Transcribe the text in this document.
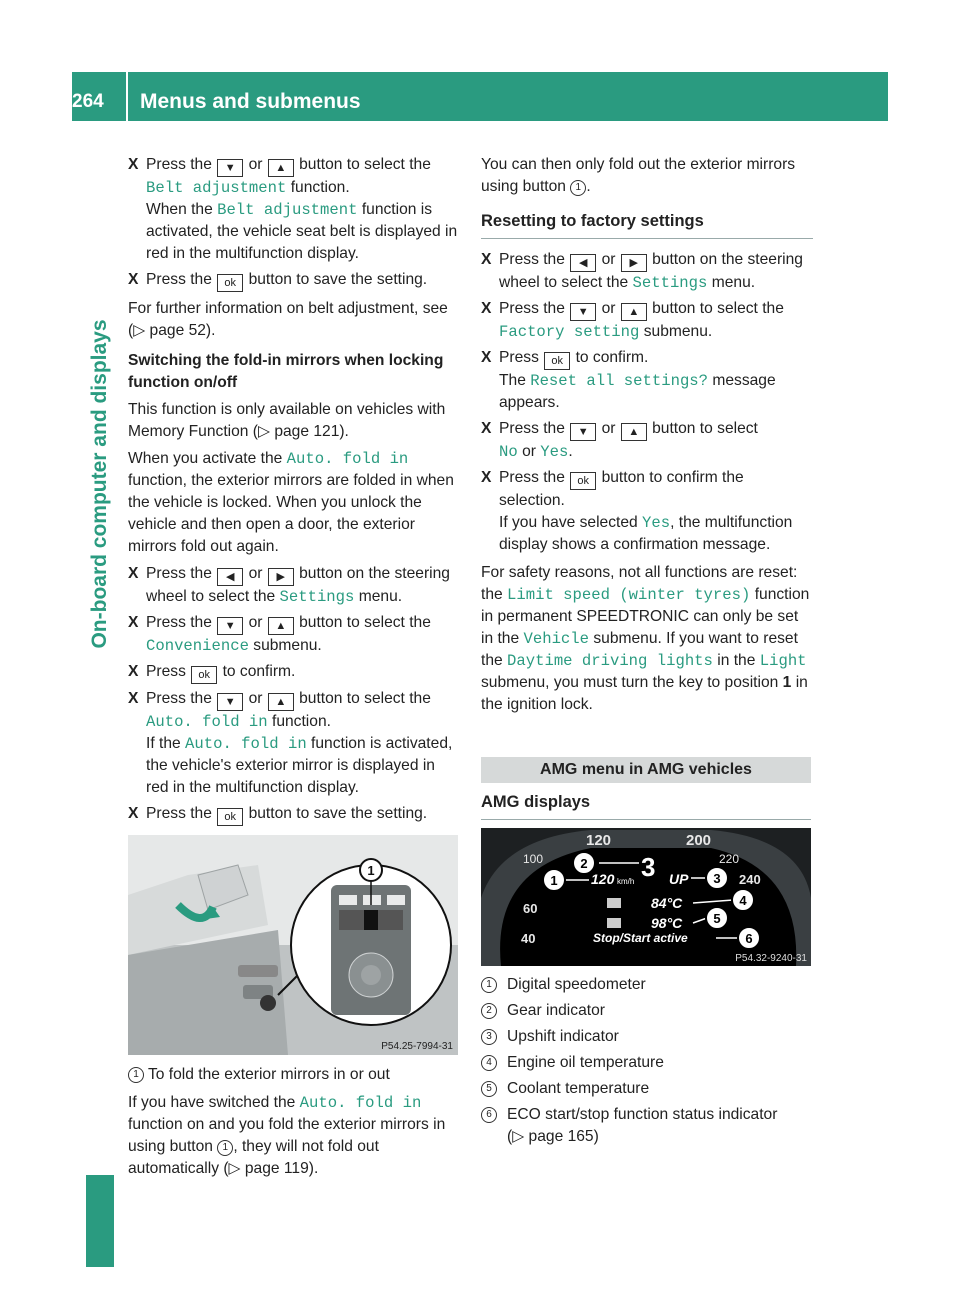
264	Menus and submenus
On-board computer and displays
X Press the ▼ or ▲ button to select the Belt adjustment function.
When the Belt adjustment function is activated, the vehicle seat belt is displayed in red in the multifunction display.
X Press the ok button to save the setting.

For further information on belt adjustment, see (▷ page 52).

Switching the fold-in mirrors when locking function on/off

This function is only available on vehicles with Memory Function (▷ page 121).

When you activate the Auto. fold in function, the exterior mirrors are folded in when the vehicle is locked. When you unlock the vehicle and then open a door, the exterior mirrors fold out again.

X Press the ◀ or ▶ button on the steering wheel to select the Settings menu.
X Press the ▼ or ▲ button to select the Convenience submenu.
X Press ok to confirm.
X Press the ▼ or ▲ button to select the Auto. fold in function.
If the Auto. fold in function is activated, the vehicle's exterior mirror is displayed in red in the multifunction display.
X Press the ok button to save the setting.
1
P54.25-7994-31
1 To fold the exterior mirrors in or out

If you have switched the Auto. fold in function on and you fold the exterior mirrors in using button 1 , they will not fold out automatically (▷ page 119).

You can then only fold out the exterior mirrors using button 1 .

Resetting to factory settings
X Press the ◀ or ▶ button on the steering wheel to select the Settings menu.
X Press the ▼ or ▲ button to select the Factory setting submenu.
X Press ok to confirm.
The Reset all settings? message appears.
X Press the ▼ or ▲ button to select
No or Yes.
X Press the ok button to confirm the selection.
If you have selected Yes, the multifunction display shows a confirmation message.

For safety reasons, not all functions are reset: the Limit speed (winter tyres) function in permanent SPEEDTRONIC can only be set in the Vehicle submenu. If you want to reset the Daytime driving lights in the Light submenu, you must turn the key to position 1 in the ignition lock.

AMG menu in AMG vehicles
AMG displays
120	200
100	220
240
60
40
120 km/h 3 UP
84°C
98°C
Stop/Start active
1
2
3
4
5
6
P54.32-9240-31
1 Digital speedometer
2 Gear indicator
3 Upshift indicator
4 Engine oil temperature
5 Coolant temperature
6 ECO start/stop function status indicator
(▷ page 165)
